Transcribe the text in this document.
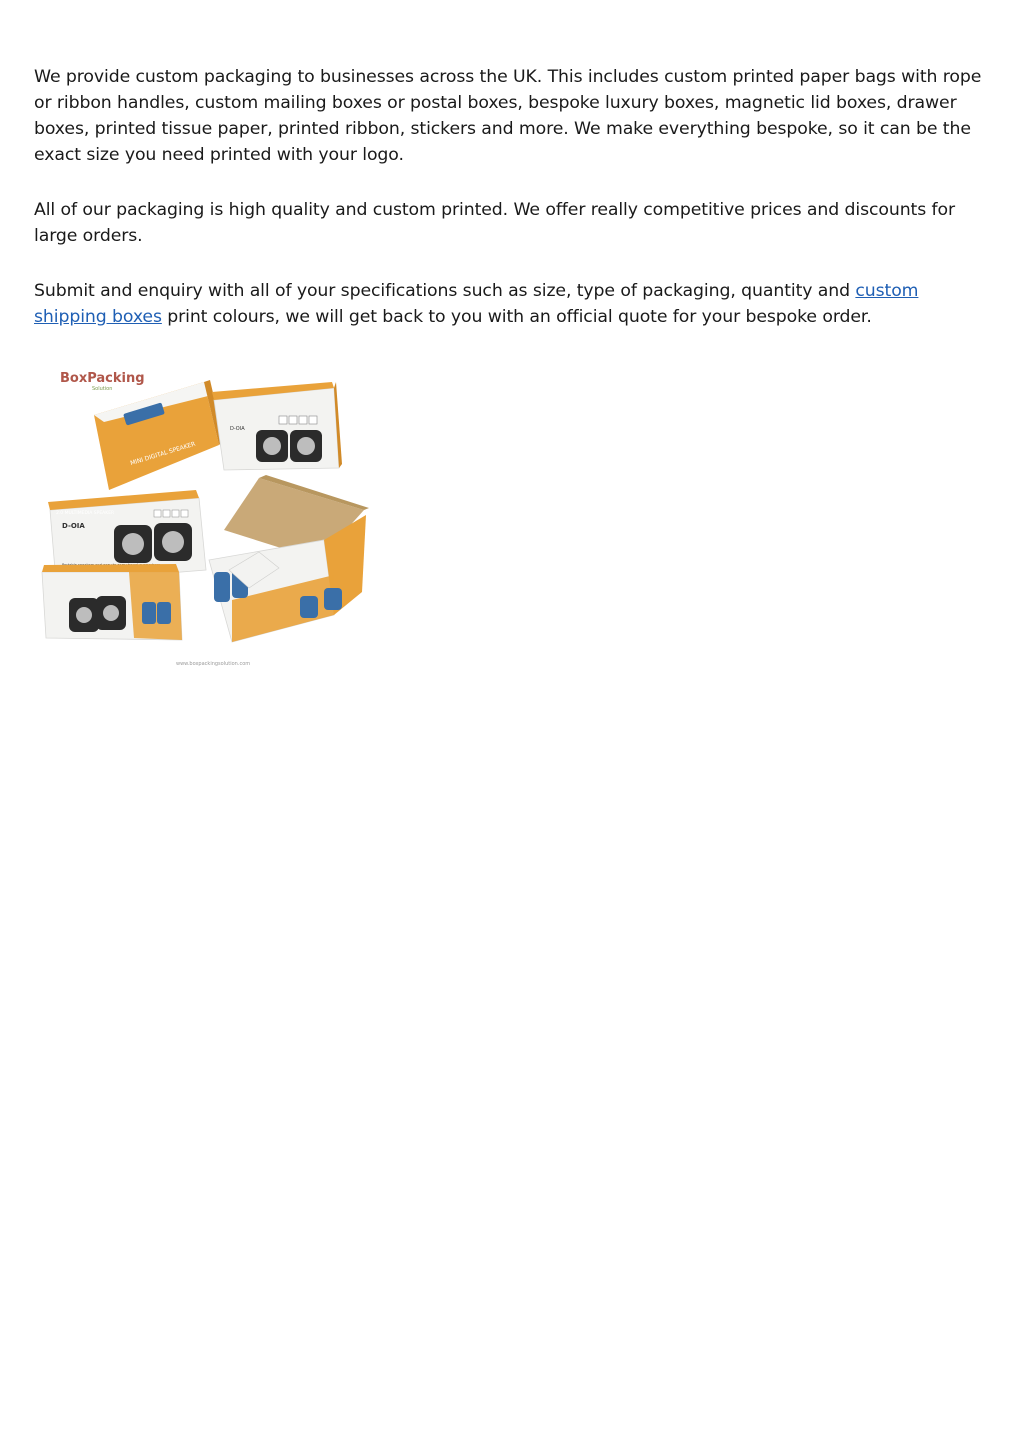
We provide custom packaging to businesses across the UK. This includes custom printed paper bags with rope or ribbon handles, custom mailing boxes or postal boxes, bespoke luxury boxes, magnetic lid boxes, drawer boxes, printed tissue paper, printed ribbon, stickers and more. We make everything bespoke, so it can be the exact size you need printed with your logo.

All of our packaging is high quality and custom printed. We offer really competitive prices and discounts for large orders.

Submit and enquiry with all of your specifications such as size, type of packaging, quantity and custom shipping boxes print colours, we will get back to you with an official quote for your bespoke order.

BoxPacking
Solution
MINI DIGITAL SPEAKER
D-OIA
2.0 MULTIMEDIA SPEAKER
D-OIA
www.boxpackingsolution.com
